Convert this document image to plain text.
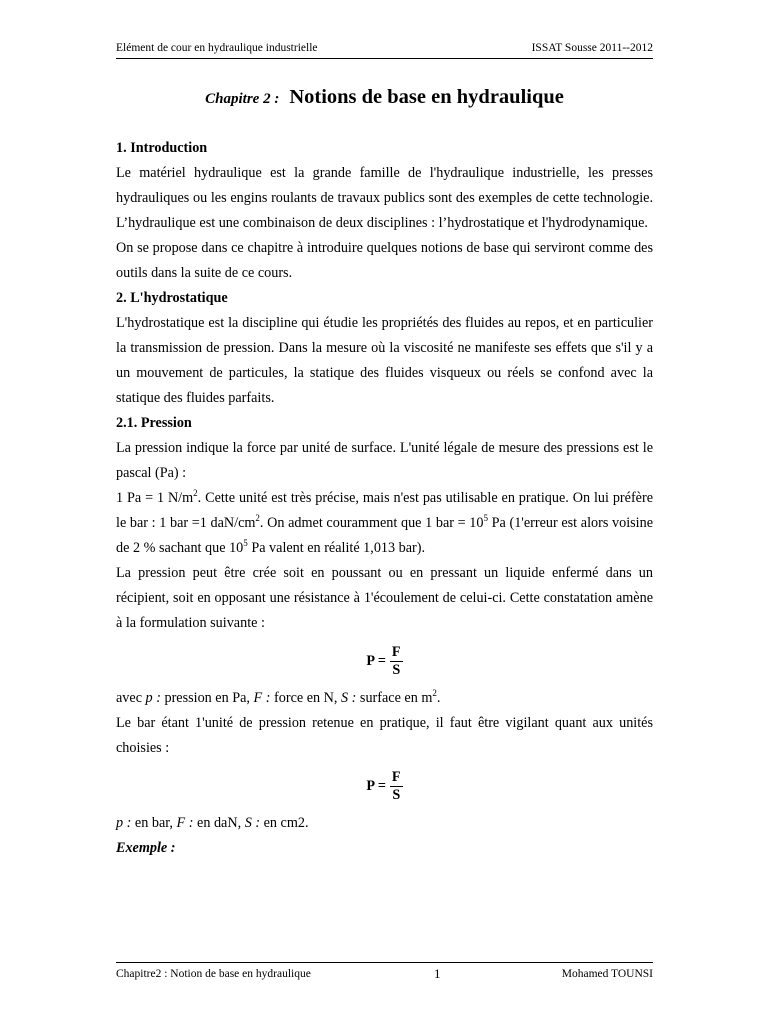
Elément de cour en hydraulique industrielle	ISSAT Sousse 2011--2012
Chapitre 2 : Notions de base en hydraulique
1. Introduction
Le matériel hydraulique est la grande famille de l'hydraulique industrielle, les presses hydrauliques ou les engins roulants de travaux publics sont des exemples de cette technologie. L’hydraulique est une combinaison de deux disciplines : l’hydrostatique et l'hydrodynamique.
On se propose dans ce chapitre à introduire quelques notions de base qui serviront comme des outils dans la suite de ce cours.
2. L'hydrostatique
L'hydrostatique est la discipline qui étudie les propriétés des fluides au repos, et en particulier la transmission de pression. Dans la mesure où la viscosité ne manifeste ses effets que s'il y a un mouvement de particules, la statique des fluides visqueux ou réels se confond avec la statique des fluides parfaits.
2.1. Pression
La pression indique la force par unité de surface. L'unité légale de mesure des pressions est le pascal (Pa) :
1 Pa = 1 $N/m^2$. Cette unité est très précise, mais n'est pas utilisable en pratique. On lui préfère le bar : 1 bar =1 daN/$cm^2$. On admet couramment que 1 bar = $10^5$ Pa (1'erreur est alors voisine de 2 % sachant que $10^5$ Pa valent en réalité 1,013 bar).
La pression peut être crée soit en poussant ou en pressant un liquide enfermé dans un récipient, soit en opposant une résistance à 1'écoulement de celui-ci. Cette constatation amène à la formulation suivante :
$P = \frac{F}{S}$
avec p : pression en Pa, F : force en N, S : surface en $m^2$.
Le bar étant 1'unité de pression retenue en pratique, il faut être vigilant quant aux unités choisies :
$P = \frac{F}{S}$
p : en bar, F : en daN, S : en cm2.
Exemple :
Chapitre2 : Notion de base en hydraulique	1	Mohamed TOUNSI
